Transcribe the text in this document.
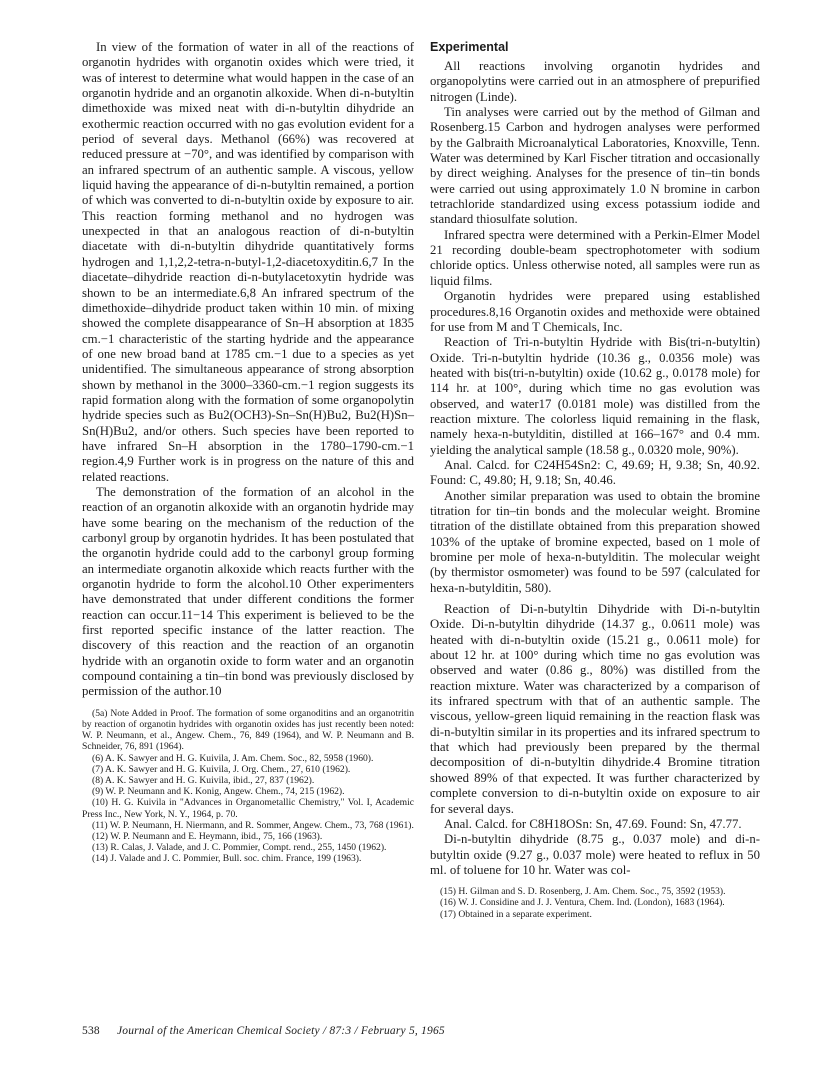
In view of the formation of water in all of the reactions of organotin hydrides with organotin oxides which were tried, it was of interest to determine what would happen in the case of an organotin hydride and an organotin alkoxide. When di-n-butyltin dimethoxide was mixed neat with di-n-butyltin dihydride an exothermic reaction occurred with no gas evolution evident for a period of several days. Methanol (66%) was recovered at reduced pressure at −70°, and was identified by comparison with an infrared spectrum of an authentic sample. A viscous, yellow liquid having the appearance of di-n-butyltin remained, a portion of which was converted to di-n-butyltin oxide by exposure to air. This reaction forming methanol and no hydrogen was unexpected in that an analogous reaction of di-n-butyltin diacetate with di-n-butyltin dihydride quantitatively forms hydrogen and 1,1,2,2-tetra-n-butyl-1,2-diacetoxyditin.6,7 In the diacetate–dihydride reaction di-n-butylacetoxytin hydride was shown to be an intermediate.6,8 An infrared spectrum of the dimethoxide–dihydride product taken within 10 min. of mixing showed the complete disappearance of Sn–H absorption at 1835 cm.−1 characteristic of the starting hydride and the appearance of one new broad band at 1785 cm.−1 due to a species as yet unidentified. The simultaneous appearance of strong absorption shown by methanol in the 3000–3360-cm.−1 region suggests its rapid formation along with the formation of some organopolytin hydride species such as Bu2(OCH3)-Sn–Sn(H)Bu2, Bu2(H)Sn–Sn(H)Bu2, and/or others. Such species have been reported to have infrared Sn–H absorption in the 1780–1790-cm.−1 region.4,9 Further work is in progress on the nature of this and related reactions.

The demonstration of the formation of an alcohol in the reaction of an organotin alkoxide with an organotin hydride may have some bearing on the mechanism of the reduction of the carbonyl group by organotin hydrides. It has been postulated that the organotin hydride could add to the carbonyl group forming an intermediate organotin alkoxide which reacts further with the organotin hydride to form the alcohol.10 Other experimenters have demonstrated that under different conditions the former reaction can occur.11−14 This experiment is believed to be the first reported specific instance of the latter reaction. The discovery of this reaction and the reaction of an organotin hydride with an organotin oxide to form water and an organotin compound containing a tin–tin bond was previously disclosed by permission of the author.10

(5a) Note Added in Proof. The formation of some organoditins and an organotritin by reaction of organotin hydrides with organotin oxides has just recently been noted: W. P. Neumann, et al., Angew. Chem., 76, 849 (1964), and W. P. Neumann and B. Schneider, 76, 891 (1964).

(6) A. K. Sawyer and H. G. Kuivila, J. Am. Chem. Soc., 82, 5958 (1960).

(7) A. K. Sawyer and H. G. Kuivila, J. Org. Chem., 27, 610 (1962).

(8) A. K. Sawyer and H. G. Kuivila, ibid., 27, 837 (1962).

(9) W. P. Neumann and K. Konig, Angew. Chem., 74, 215 (1962).

(10) H. G. Kuivila in "Advances in Organometallic Chemistry," Vol. I, Academic Press Inc., New York, N. Y., 1964, p. 70.

(11) W. P. Neumann, H. Niermann, and R. Sommer, Angew. Chem., 73, 768 (1961).

(12) W. P. Neumann and E. Heymann, ibid., 75, 166 (1963).

(13) R. Calas, J. Valade, and J. C. Pommier, Compt. rend., 255, 1450 (1962).

(14) J. Valade and J. C. Pommier, Bull. soc. chim. France, 199 (1963).

Experimental

All reactions involving organotin hydrides and organopolytins were carried out in an atmosphere of prepurified nitrogen (Linde).

Tin analyses were carried out by the method of Gilman and Rosenberg.15 Carbon and hydrogen analyses were performed by the Galbraith Microanalytical Laboratories, Knoxville, Tenn. Water was determined by Karl Fischer titration and occasionally by direct weighing. Analyses for the presence of tin–tin bonds were carried out using approximately 1.0 N bromine in carbon tetrachloride standardized using excess potassium iodide and standard thiosulfate solution.

Infrared spectra were determined with a Perkin-Elmer Model 21 recording double-beam spectrophotometer with sodium chloride optics. Unless otherwise noted, all samples were run as liquid films.

Organotin hydrides were prepared using established procedures.8,16 Organotin oxides and methoxide were obtained for use from M and T Chemicals, Inc.

Reaction of Tri-n-butyltin Hydride with Bis(tri-n-butyltin) Oxide. Tri-n-butyltin hydride (10.36 g., 0.0356 mole) was heated with bis(tri-n-butyltin) oxide (10.62 g., 0.0178 mole) for 114 hr. at 100°, during which time no gas evolution was observed, and water17 (0.0181 mole) was distilled from the reaction mixture. The colorless liquid remaining in the flask, namely hexa-n-butylditin, distilled at 166–167° and 0.4 mm. yielding the analytical sample (18.58 g., 0.0320 mole, 90%).

Anal. Calcd. for C24H54Sn2: C, 49.69; H, 9.38; Sn, 40.92. Found: C, 49.80; H, 9.18; Sn, 40.46.

Another similar preparation was used to obtain the bromine titration for tin–tin bonds and the molecular weight. Bromine titration of the distillate obtained from this preparation showed 103% of the uptake of bromine expected, based on 1 mole of bromine per mole of hexa-n-butylditin. The molecular weight (by thermistor osmometer) was found to be 597 (calculated for hexa-n-butylditin, 580).

Reaction of Di-n-butyltin Dihydride with Di-n-butyltin Oxide. Di-n-butyltin dihydride (14.37 g., 0.0611 mole) was heated with di-n-butyltin oxide (15.21 g., 0.0611 mole) for about 12 hr. at 100° during which time no gas evolution was observed and water (0.86 g., 80%) was distilled from the reaction mixture. Water was characterized by a comparison of its infrared spectrum with that of an authentic sample. The viscous, yellow-green liquid remaining in the reaction flask was di-n-butyltin similar in its properties and its infrared spectrum to that which had previously been prepared by the thermal decomposition of di-n-butyltin dihydride.4 Bromine titration showed 89% of that expected. It was further characterized by complete conversion to di-n-butyltin oxide on exposure to air for several days.

Anal. Calcd. for C8H18OSn: Sn, 47.69. Found: Sn, 47.77.

Di-n-butyltin dihydride (8.75 g., 0.037 mole) and di-n-butyltin oxide (9.27 g., 0.037 mole) were heated to reflux in 50 ml. of toluene for 10 hr. Water was col-

(15) H. Gilman and S. D. Rosenberg, J. Am. Chem. Soc., 75, 3592 (1953).

(16) W. J. Considine and J. J. Ventura, Chem. Ind. (London), 1683 (1964).

(17) Obtained in a separate experiment.

538 Journal of the American Chemical Society / 87:3 / February 5, 1965
